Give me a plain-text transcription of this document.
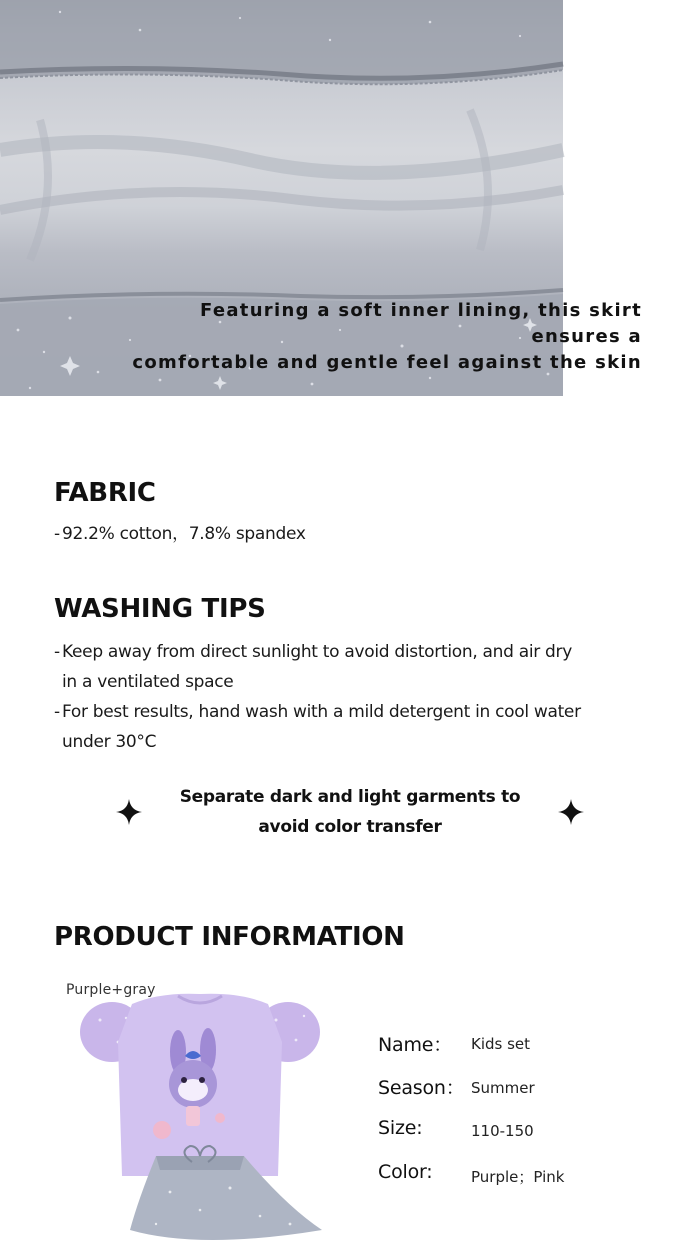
Featuring a soft inner lining, this skirt ensures a
comfortable and gentle feel against the skin
FABRIC
- 92.2% cotton，7.8% spandex
WASHING TIPS
- Keep away from direct sunlight to avoid distortion, and air dry
in a ventilated space
- For best results, hand wash with a mild detergent in cool water
under 30°C
Separate dark and light garments to
avoid color transfer
PRODUCT INFORMATION
Purple+gray
Name： Kids set
Season： Summer
Size:	110-150
Color:	Purple；Pink
